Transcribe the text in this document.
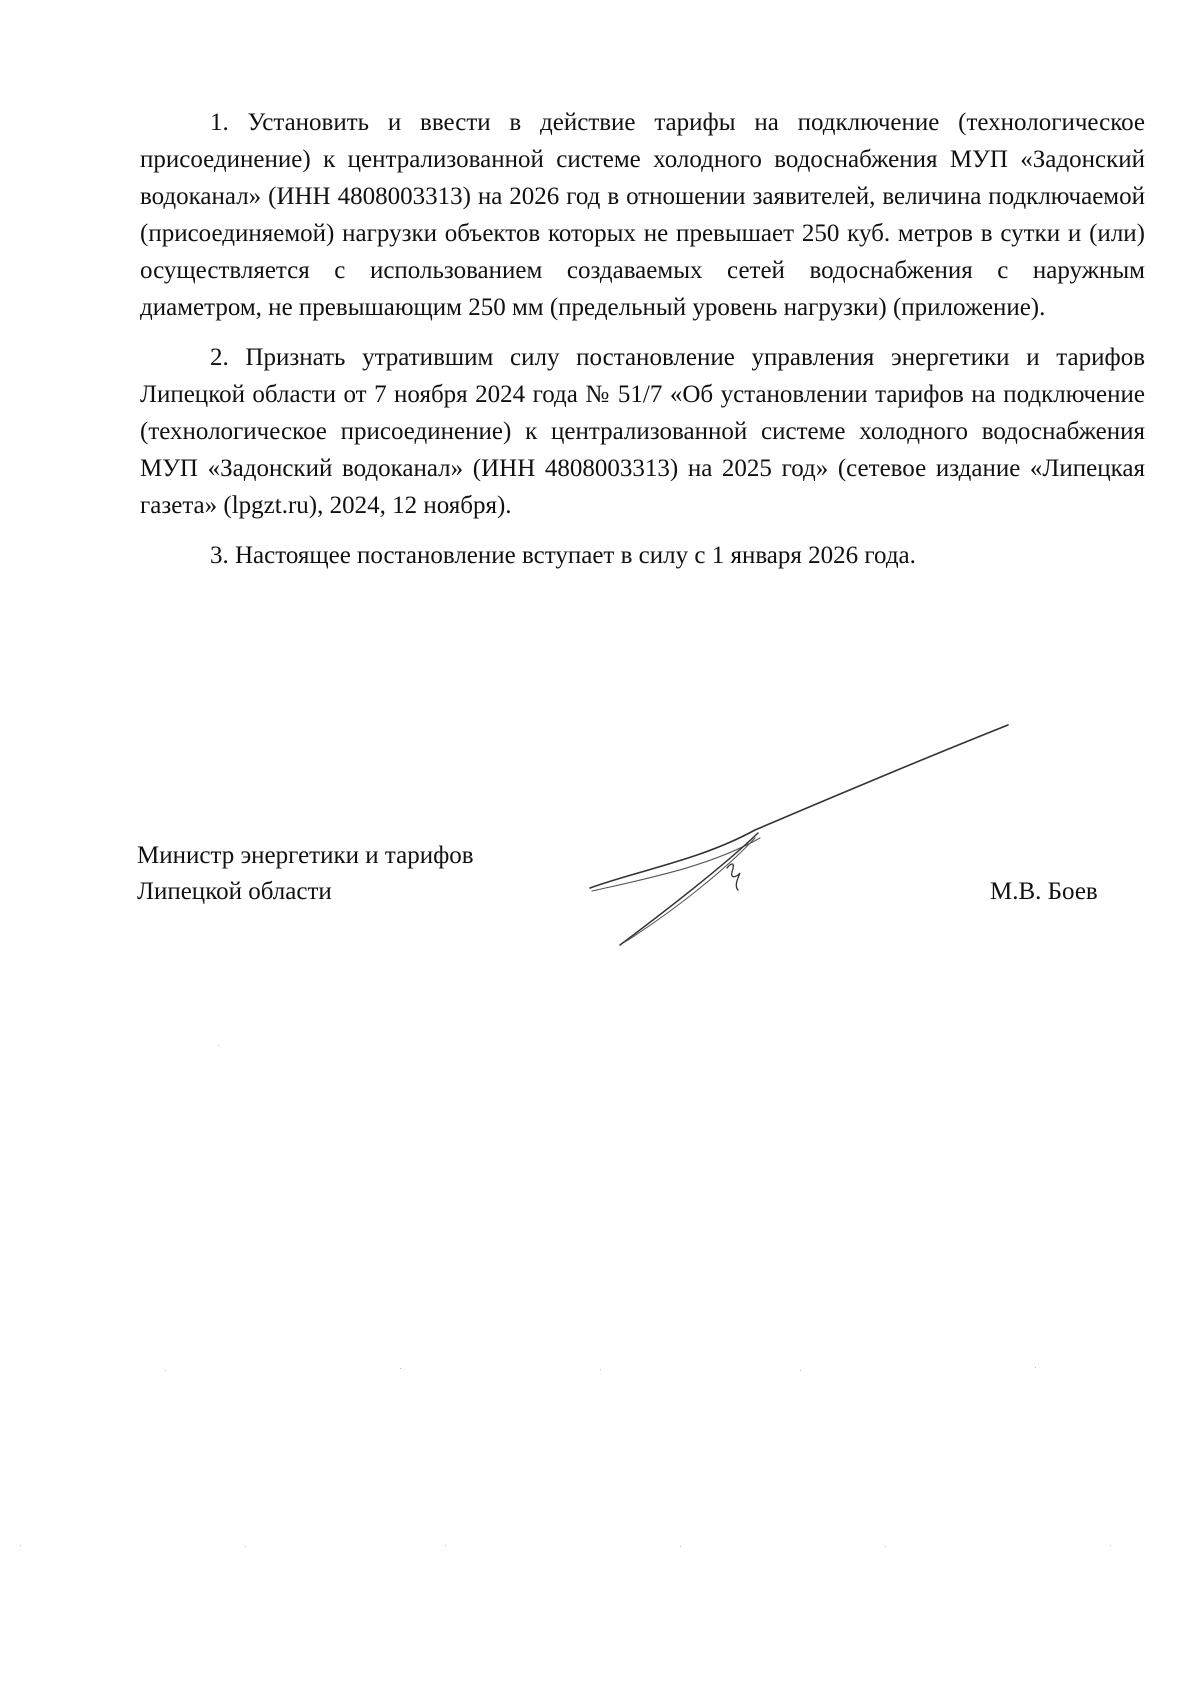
1. Установить и ввести в действие тарифы на подключение (технологическое присоединение) к централизованной системе холодного водоснабжения МУП «Задонский водоканал» (ИНН 4808003313) на 2026 год в отношении заявителей, величина подключаемой (присоединяемой) нагрузки объектов которых не превышает 250 куб. метров в сутки и (или) осуществляется с использованием создаваемых сетей водоснабжения с наружным диаметром, не превышающим 250 мм (предельный уровень нагрузки) (приложение).

2. Признать утратившим силу постановление управления энергетики и тарифов Липецкой области от 7 ноября 2024 года № 51/7 «Об установлении тарифов на подключение (технологическое присоединение) к централизованной системе холодного водоснабжения МУП «Задонский водоканал» (ИНН 4808003313) на 2025 год» (сетевое издание «Липецкая газета» (lpgzt.ru), 2024, 12 ноября).

3. Настоящее постановление вступает в силу с 1 января 2026 года.

Министр энергетики и тарифов
Липецкой области	М.В. Боев
